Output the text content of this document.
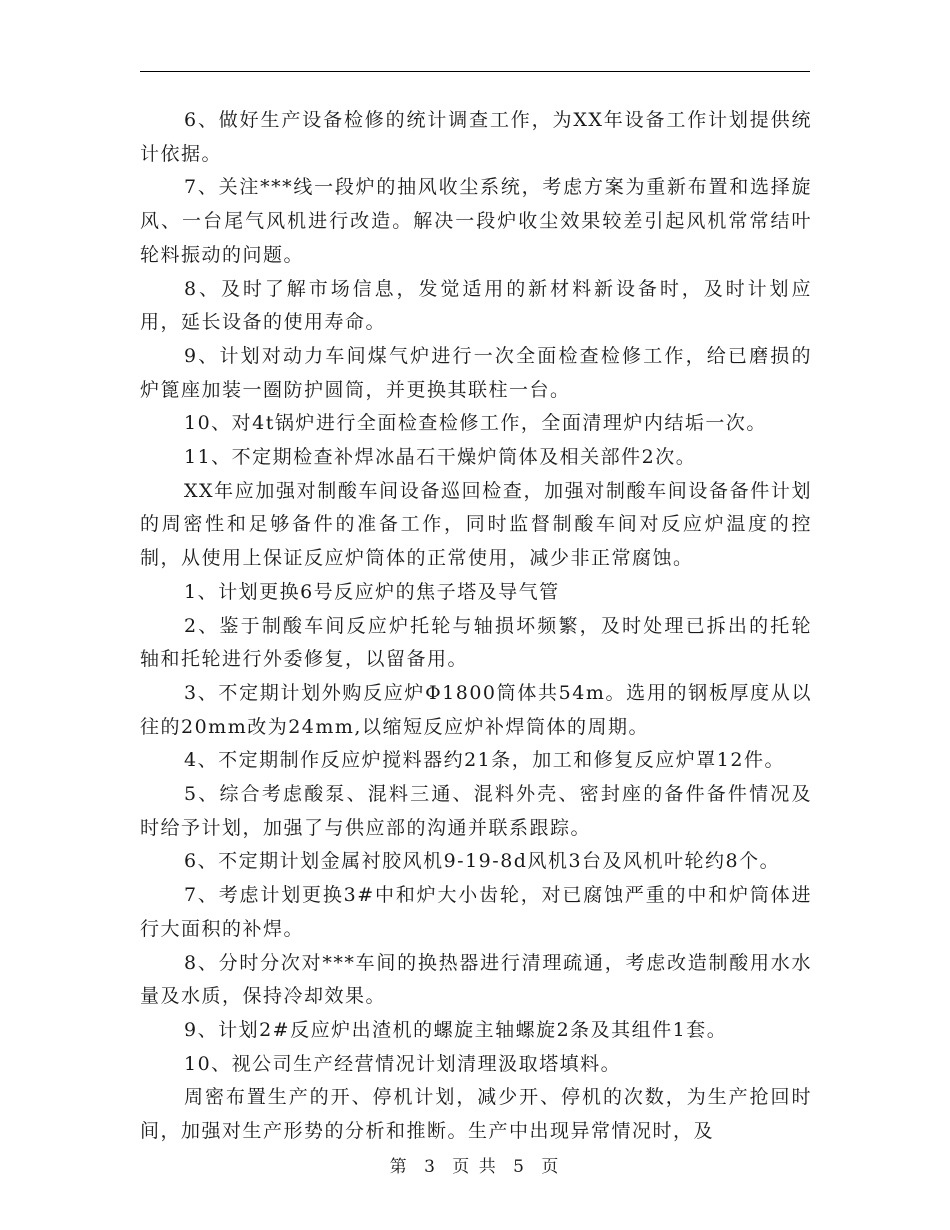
6、做好生产设备检修的统计调查工作，为XX年设备工作计划提供统计依据。

7、关注***线一段炉的抽风收尘系统，考虑方案为重新布置和选择旋风、一台尾气风机进行改造。解决一段炉收尘效果较差引起风机常常结叶轮料振动的问题。

8、及时了解市场信息，发觉适用的新材料新设备时，及时计划应用，延长设备的使用寿命。

9、计划对动力车间煤气炉进行一次全面检查检修工作，给已磨损的炉篦座加装一圈防护圆筒，并更换其联柱一台。

10、对4t锅炉进行全面检查检修工作，全面清理炉内结垢一次。

11、不定期检查补焊冰晶石干燥炉筒体及相关部件2次。

XX年应加强对制酸车间设备巡回检查，加强对制酸车间设备备件计划的周密性和足够备件的准备工作，同时监督制酸车间对反应炉温度的控制，从使用上保证反应炉筒体的正常使用，减少非正常腐蚀。

1、计划更换6号反应炉的焦子塔及导气管

2、鉴于制酸车间反应炉托轮与轴损坏频繁，及时处理已拆出的托轮轴和托轮进行外委修复，以留备用。

3、不定期计划外购反应炉Φ1800筒体共54m。选用的钢板厚度从以往的20mm改为24mm,以缩短反应炉补焊筒体的周期。

4、不定期制作反应炉搅料器约21条，加工和修复反应炉罩12件。

5、综合考虑酸泵、混料三通、混料外壳、密封座的备件备件情况及时给予计划，加强了与供应部的沟通并联系跟踪。

6、不定期计划金属衬胶风机9-19-8d风机3台及风机叶轮约8个。

7、考虑计划更换3#中和炉大小齿轮，对已腐蚀严重的中和炉筒体进行大面积的补焊。

8、分时分次对***车间的换热器进行清理疏通，考虑改造制酸用水水量及水质，保持冷却效果。

9、计划2#反应炉出渣机的螺旋主轴螺旋2条及其组件1套。

10、视公司生产经营情况计划清理汲取塔填料。

周密布置生产的开、停机计划，减少开、停机的次数，为生产抢回时间，加强对生产形势的分析和推断。生产中出现异常情况时，及

第 3 页 共 5 页
